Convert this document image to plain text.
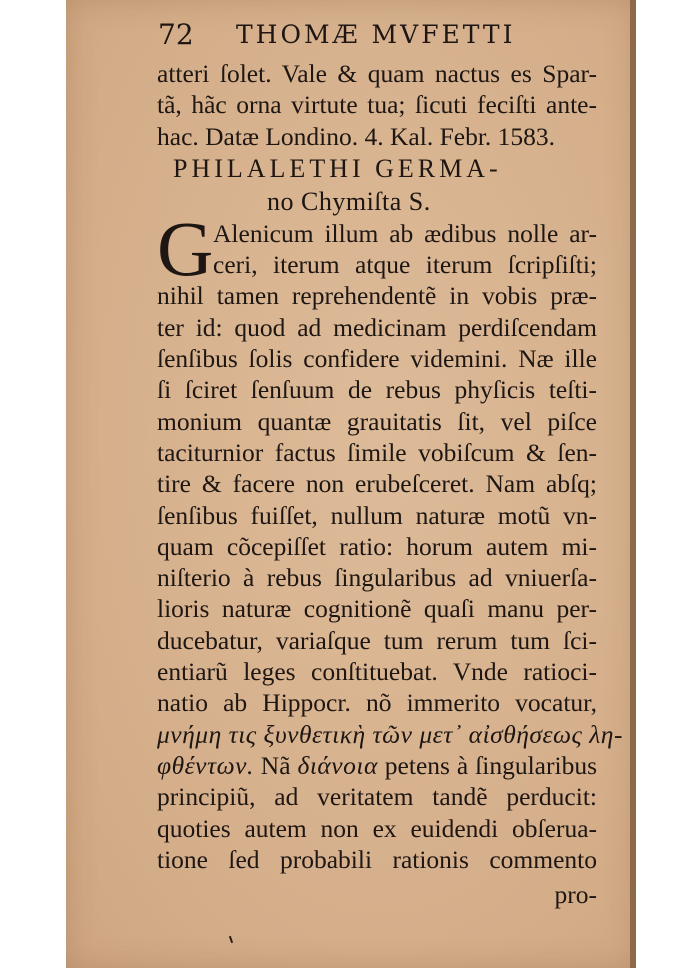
72 THOMÆ MVFETTI
atteri ſolet. Vale & quam nactus es Spar-
tã, hãc orna virtute tua; ſicuti feciſti ante-
hac. Datæ Londino. 4. Kal. Febr. 1583.
PHILALETHI GERMA-
no Chymiſta S.
G Alenicum illum ab ædibus nolle ar-
ceri, iterum atque iterum ſcripſiſti;
nihil tamen reprehendentẽ in vobis præ-
ter id: quod ad medicinam perdiſcendam
ſenſibus ſolis confidere videmini. Næ ille
ſi ſciret ſenſuum de rebus phyſicis teſti-
monium quantæ grauitatis ſit, vel piſce
taciturnior factus ſimile vobiſcum & ſen-
tire & facere non erubeſceret. Nam abſq;
ſenſibus fuiſſet, nullum naturæ motũ vn-
quam cõcepiſſet ratio: horum autem mi-
niſterio à rebus ſingularibus ad vniuerſa-
lioris naturæ cognitionẽ quaſi manu per-
ducebatur, variaſque tum rerum tum ſci-
entiarũ leges conſtituebat. Vnde ratioci-
natio ab Hippocr. nõ immerito vocatur,
μνήμη τις ξυνθετικὴ τῶν μετ᾽ αἰσθήσεως λη-
φθέντων. Nã διάνοια petens à ſingularibus
principiũ, ad veritatem tandẽ perducit:
quoties autem non ex euidendi obſerua-
tione ſed probabili rationis commento
pro-
